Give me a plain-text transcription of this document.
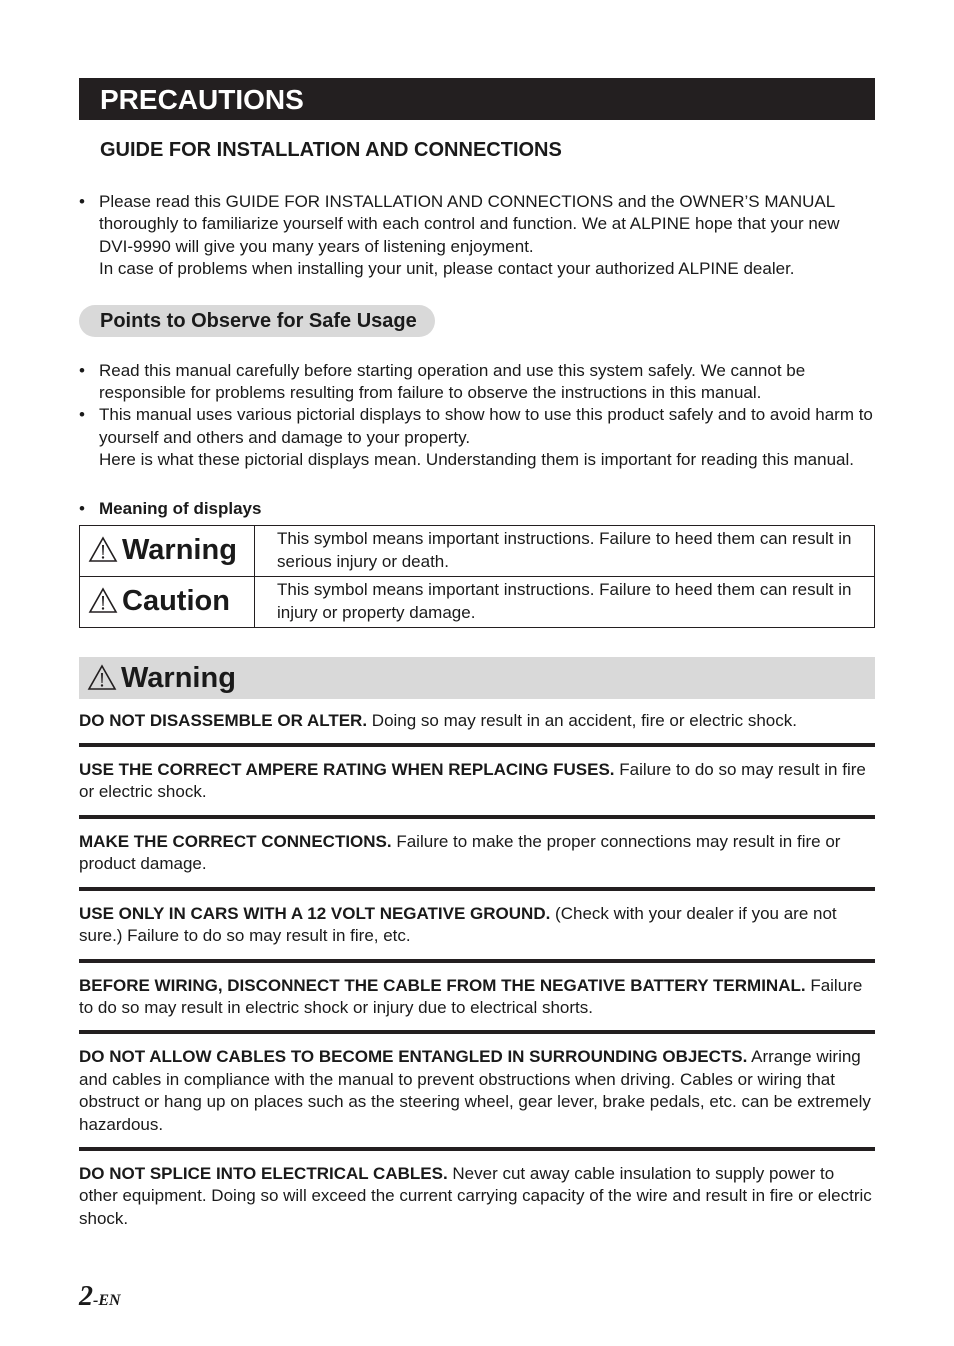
PRECAUTIONS
GUIDE FOR INSTALLATION AND CONNECTIONS
• Please read this GUIDE FOR INSTALLATION AND CONNECTIONS and the OWNER’S MANUAL thoroughly to familiarize yourself with each control and function. We at ALPINE hope that your new DVI-9990 will give you many years of listening enjoyment.
In case of problems when installing your unit, please contact your authorized ALPINE dealer.
Points to Observe for Safe Usage
• Read this manual carefully before starting operation and use this system safely. We cannot be responsible for problems resulting from failure to observe the instructions in this manual.
• This manual uses various pictorial displays to show how to use this product safely and to avoid harm to yourself and others and damage to your property.
Here is what these pictorial displays mean. Understanding them is important for reading this manual.
• Meaning of displays
Warning	This symbol means important instructions. Failure to heed them can result in serious injury or death.
Caution	This symbol means important instructions. Failure to heed them can result in injury or property damage.
Warning
DO NOT DISASSEMBLE OR ALTER. Doing so may result in an accident, fire or electric shock.
USE THE CORRECT AMPERE RATING WHEN REPLACING FUSES. Failure to do so may result in fire or electric shock.
MAKE THE CORRECT CONNECTIONS. Failure to make the proper connections may result in fire or product damage.
USE ONLY IN CARS WITH A 12 VOLT NEGATIVE GROUND. (Check with your dealer if you are not sure.) Failure to do so may result in fire, etc.
BEFORE WIRING, DISCONNECT THE CABLE FROM THE NEGATIVE BATTERY TERMINAL. Failure to do so may result in electric shock or injury due to electrical shorts.
DO NOT ALLOW CABLES TO BECOME ENTANGLED IN SURROUNDING OBJECTS. Arrange wiring and cables in compliance with the manual to prevent obstructions when driving. Cables or wiring that obstruct or hang up on places such as the steering wheel, gear lever, brake pedals, etc. can be extremely hazardous.
DO NOT SPLICE INTO ELECTRICAL CABLES. Never cut away cable insulation to supply power to other equipment. Doing so will exceed the current carrying capacity of the wire and result in fire or electric shock.
2-EN
